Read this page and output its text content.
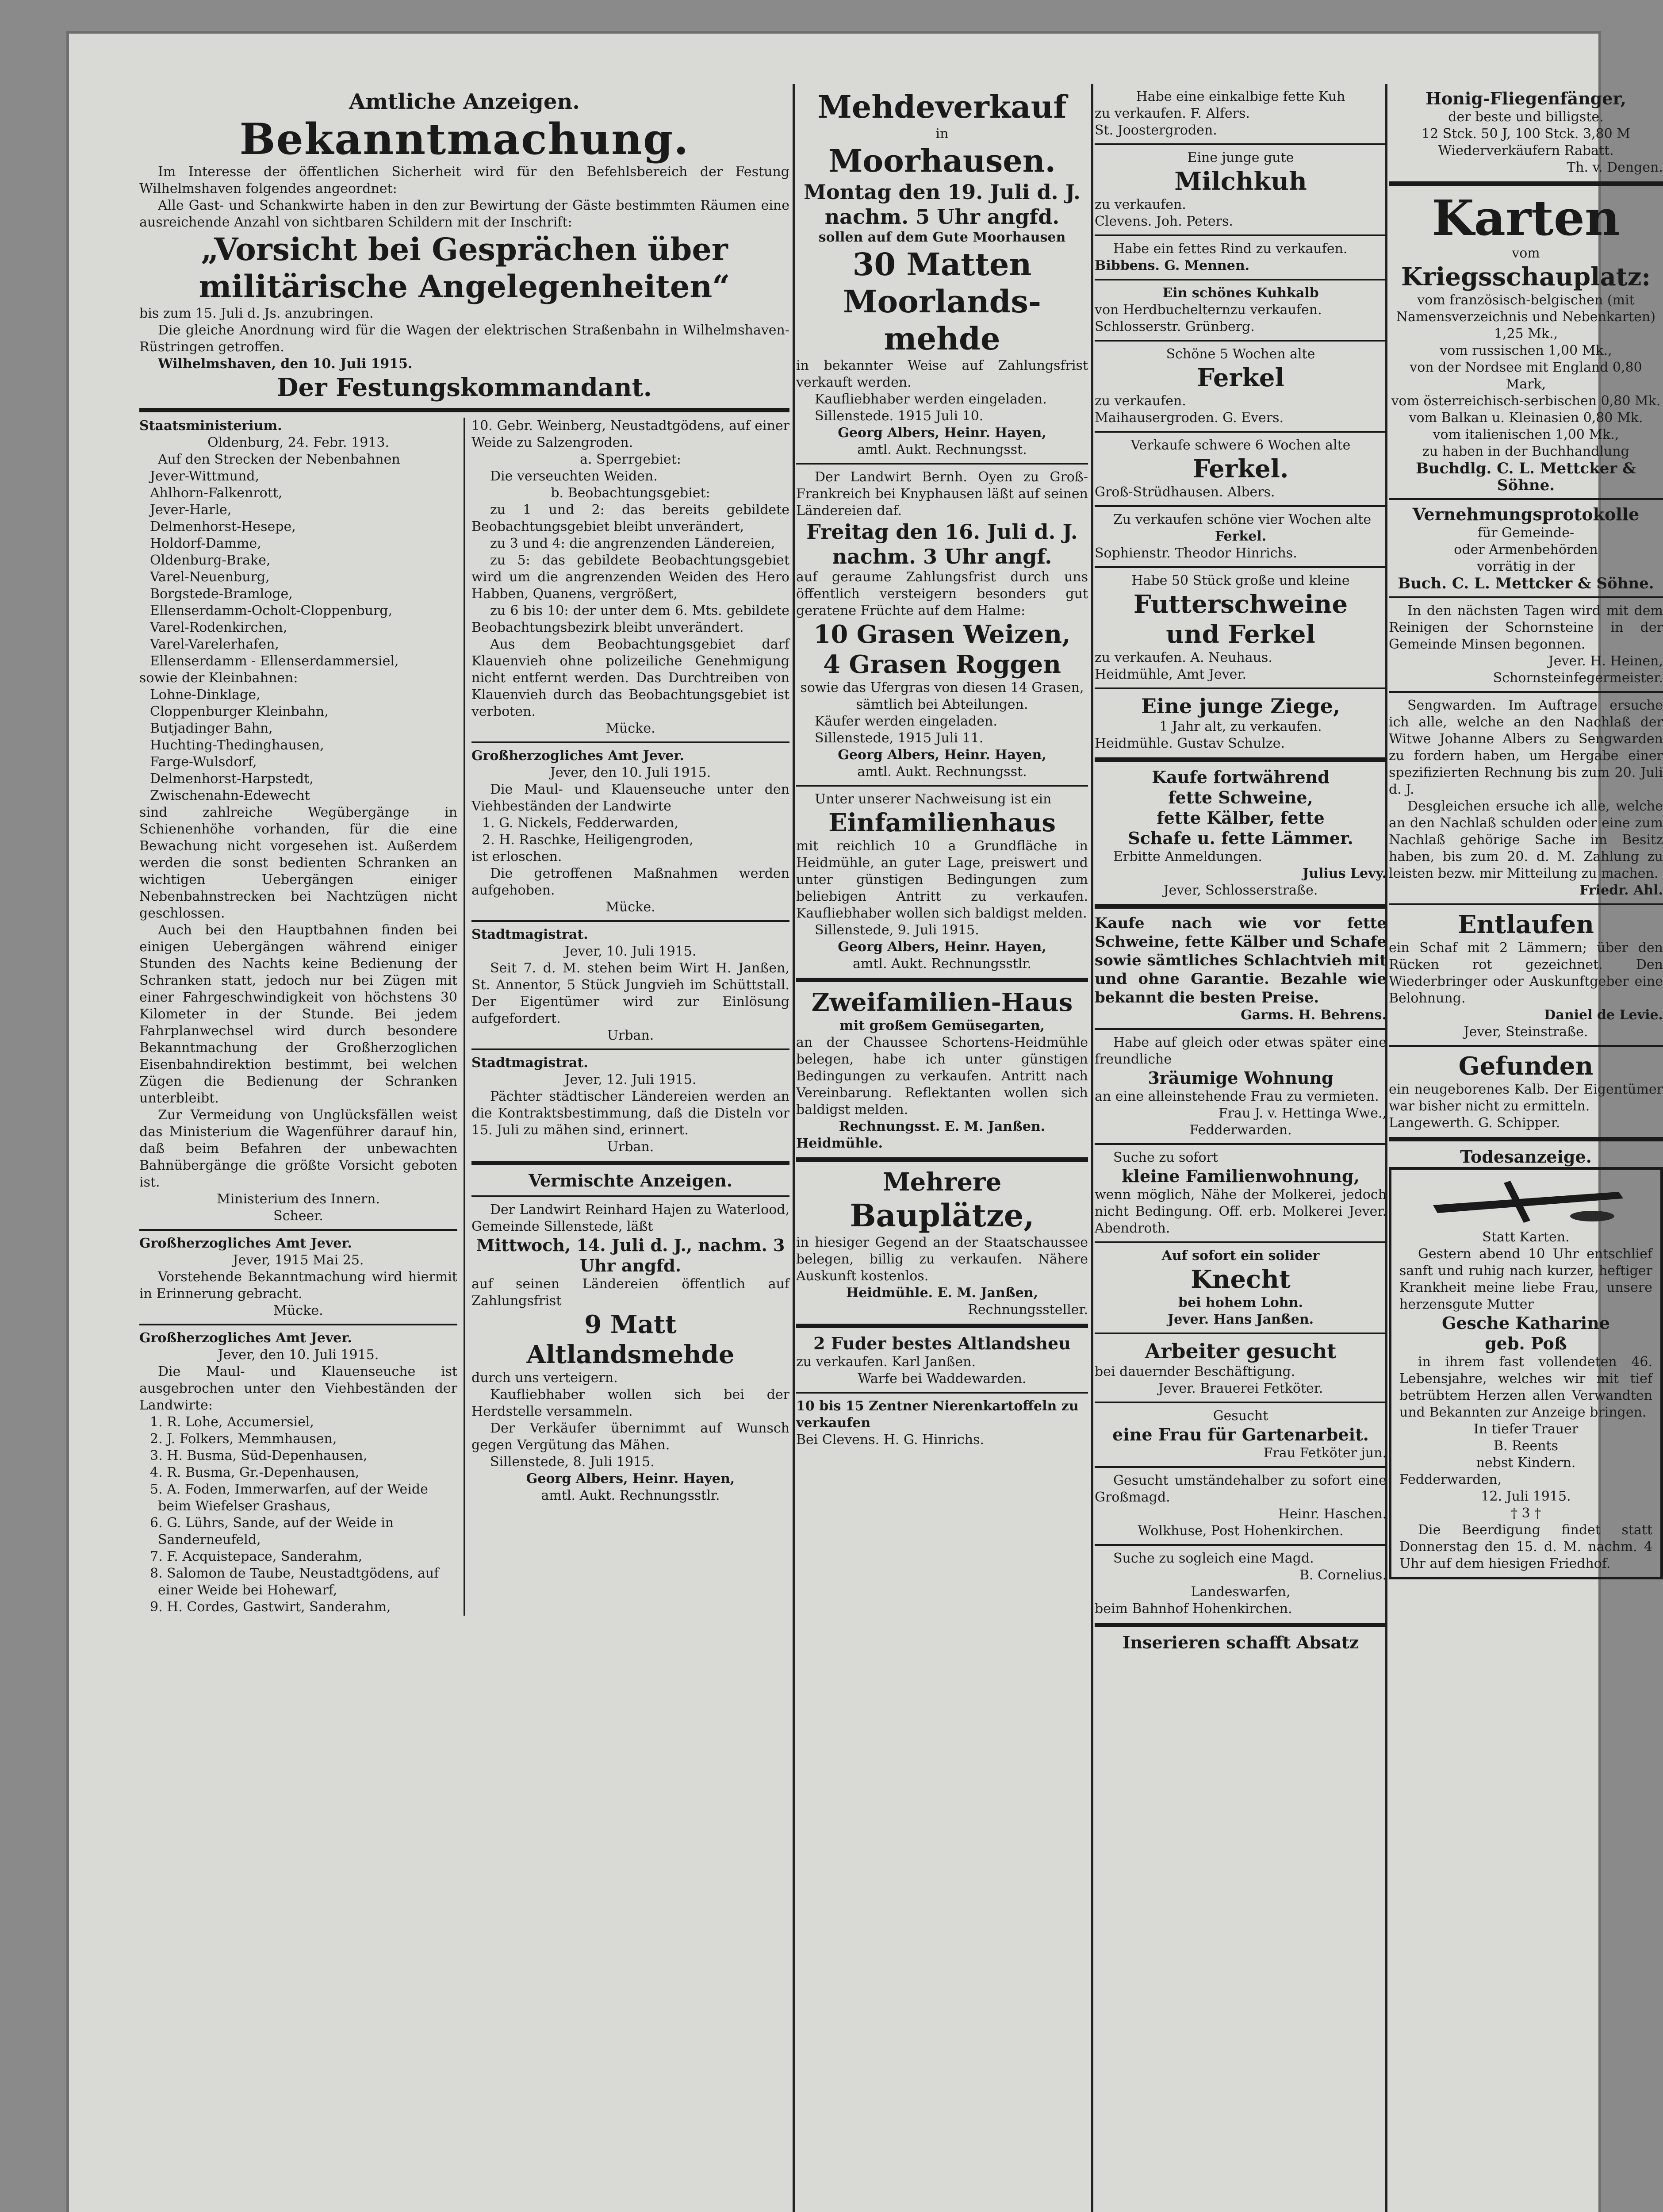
Amtliche Anzeigen.

Bekanntmachung.

Im Interesse der öffentlichen Sicherheit wird für den Befehlsbereich der Festung Wilhelmshaven folgendes angeordnet:

Alle Gast- und Schankwirte haben in den zur Bewirtung der Gäste bestimmten Räumen eine ausreichende Anzahl von sichtbaren Schildern mit der Inschrift:

„Vorsicht bei Gesprächen über militärische Angelegenheiten“

bis zum 15. Juli d. Js. anzubringen.

Die gleiche Anordnung wird für die Wagen der elektrischen Straßenbahn in Wilhelmshaven-Rüstringen getroffen.

Wilhelmshaven, den 10. Juli 1915.

Der Festungskommandant.

Staatsministerium.

Oldenburg, 24. Febr. 1913.

Auf den Strecken der Nebenbahnen

Jever-Wittmund,

Ahlhorn-Falkenrott,

Jever-Harle,

Delmenhorst-Hesepe,

Holdorf-Damme,

Oldenburg-Brake,

Varel-Neuenburg,

Borgstede-Bramloge,

Ellenserdamm-Ocholt-Cloppenburg,

Varel-Rodenkirchen,

Varel-Varelerhafen,

Ellenserdamm - Ellenserdammersiel,

sowie der Kleinbahnen:

Lohne-Dinklage,

Cloppenburger Kleinbahn,

Butjadinger Bahn,

Huchting-Thedinghausen,

Farge-Wulsdorf,

Delmenhorst-Harpstedt,

Zwischenahn-Edewecht

sind zahlreiche Wegübergänge in Schienenhöhe vorhanden, für die eine Bewachung nicht vorgesehen ist. Außerdem werden die sonst bedienten Schranken an wichtigen Uebergängen einiger Nebenbahnstrecken bei Nachtzügen nicht geschlossen.

Auch bei den Hauptbahnen finden bei einigen Uebergängen während einiger Stunden des Nachts keine Bedienung der Schranken statt, jedoch nur bei Zügen mit einer Fahrgeschwindigkeit von höchstens 30 Kilometer in der Stunde. Bei jedem Fahrplanwechsel wird durch besondere Bekanntmachung der Großherzoglichen Eisenbahndirektion bestimmt, bei welchen Zügen die Bedienung der Schranken unterbleibt.

Zur Vermeidung von Unglücksfällen weist das Ministerium die Wagenführer darauf hin, daß beim Befahren der unbewachten Bahnübergänge die größte Vorsicht geboten ist.

Ministerium des Innern.

Scheer.

Großherzogliches Amt Jever.

Jever, 1915 Mai 25.

Vorstehende Bekanntmachung wird hiermit in Erinnerung gebracht.

Mücke.

Großherzogliches Amt Jever.

Jever, den 10. Juli 1915.

Die Maul- und Klauenseuche ist ausgebrochen unter den Viehbeständen der Landwirte:

1. R. Lohe, Accumersiel,

2. J. Folkers, Memmhausen,

3. H. Busma, Süd-Depenhausen,

4. R. Busma, Gr.-Depenhausen,

5. A. Foden, Immerwarfen, auf der Weide beim Wiefelser Grashaus,

6. G. Lührs, Sande, auf der Weide in Sanderneufeld,

7. F. Acquistepace, Sanderahm,

8. Salomon de Taube, Neustadtgödens, auf einer Weide bei Hohewarf,

9. H. Cordes, Gastwirt, Sanderahm,

10. Gebr. Weinberg, Neustadtgödens, auf einer Weide zu Salzengroden.

a. Sperrgebiet:

Die verseuchten Weiden.

b. Beobachtungsgebiet:

zu 1 und 2: das bereits gebildete Beobachtungsgebiet bleibt unverändert,

zu 3 und 4: die angrenzenden Ländereien,

zu 5: das gebildete Beobachtungsgebiet wird um die angrenzenden Weiden des Hero Habben, Quanens, vergrößert,

zu 6 bis 10: der unter dem 6. Mts. gebildete Beobachtungsbezirk bleibt unverändert.

Aus dem Beobachtungsgebiet darf Klauenvieh ohne polizeiliche Genehmigung nicht entfernt werden. Das Durchtreiben von Klauenvieh durch das Beobachtungsgebiet ist verboten.

Mücke.

Großherzogliches Amt Jever.

Jever, den 10. Juli 1915.

Die Maul- und Klauenseuche unter den Viehbeständen der Landwirte

1. G. Nickels, Fedderwarden,

2. H. Raschke, Heiligengroden,

ist erloschen.

Die getroffenen Maßnahmen werden aufgehoben.

Mücke.

Stadtmagistrat.

Jever, 10. Juli 1915.

Seit 7. d. M. stehen beim Wirt H. Janßen, St. Annentor, 5 Stück Jungvieh im Schüttstall. Der Eigentümer wird zur Einlösung aufgefordert.

Urban.

Stadtmagistrat.

Jever, 12. Juli 1915.

Pächter städtischer Ländereien werden an die Kontraktsbestimmung, daß die Disteln vor 15. Juli zu mähen sind, erinnert.

Urban.

Vermischte Anzeigen.

Der Landwirt Reinhard Hajen zu Waterlood, Gemeinde Sillenstede, läßt

Mittwoch, 14. Juli d. J., nachm. 3 Uhr angfd.

auf seinen Ländereien öffentlich auf Zahlungsfrist

9 Matt

Altlandsmehde

durch uns verteigern.

Kaufliebhaber wollen sich bei der Herdstelle versammeln.

Der Verkäufer übernimmt auf Wunsch gegen Vergütung das Mähen.

Sillenstede, 8. Juli 1915.

Georg Albers, Heinr. Hayen,

amtl. Aukt. Rechnungsstlr.

Mehdeverkauf

in

Moorhausen.

Montag den 19. Juli d. J. nachm. 5 Uhr angfd.

sollen auf dem Gute Moorhausen

30 Matten

Moorlands-

mehde

in bekannter Weise auf Zahlungsfrist verkauft werden.

Kaufliebhaber werden eingeladen.

Sillenstede. 1915 Juli 10.

Georg Albers, Heinr. Hayen,

amtl. Aukt. Rechnungsst.

Der Landwirt Bernh. Oyen zu Groß-Frankreich bei Knyphausen läßt auf seinen Ländereien daf.

Freitag den 16. Juli d. J. nachm. 3 Uhr angf.

auf geraume Zahlungsfrist durch uns öffentlich versteigern besonders gut geratene Früchte auf dem Halme:

10 Grasen Weizen,

4 Grasen Roggen

sowie das Ufergras von diesen 14 Grasen, sämtlich bei Abteilungen.

Käufer werden eingeladen.

Sillenstede, 1915 Juli 11.

Georg Albers, Heinr. Hayen,

amtl. Aukt. Rechnungsst.

Unter unserer Nachweisung ist ein

Einfamilienhaus

mit reichlich 10 a Grundfläche in Heidmühle, an guter Lage, preiswert und unter günstigen Bedingungen zum beliebigen Antritt zu verkaufen. Kaufliebhaber wollen sich baldigst melden.

Sillenstede, 9. Juli 1915.

Georg Albers, Heinr. Hayen,

amtl. Aukt. Rechnungsstlr.

Zweifamilien-Haus

mit großem Gemüsegarten,

an der Chaussee Schortens-Heidmühle belegen, habe ich unter günstigen Bedingungen zu verkaufen. Antritt nach Vereinbarung. Reflektanten wollen sich baldigst melden.

Rechnungsst. E. M. Janßen.

Heidmühle.

Mehrere

Bauplätze,

in hiesiger Gegend an der Staatschaussee belegen, billig zu verkaufen. Nähere Auskunft kostenlos.

Heidmühle. E. M. Janßen,

Rechnungssteller.

2 Fuder bestes Altlandsheu

zu verkaufen. Karl Janßen.

Warfe bei Waddewarden.

10 bis 15 Zentner Nierenkartoffeln zu verkaufen

Bei Clevens. H. G. Hinrichs.

Habe eine einkalbige fette Kuh

zu verkaufen. F. Alfers.

St. Joostergroden.

Eine junge gute

Milchkuh

zu verkaufen.

Clevens. Joh. Peters.

Habe ein fettes Rind zu verkaufen.

Bibbens. G. Mennen.

Ein schönes Kuhkalb

von Herdbuchelternzu verkaufen.

Schlosserstr. Grünberg.

Schöne 5 Wochen alte

Ferkel

zu verkaufen.

Maihausergroden. G. Evers.

Verkaufe schwere 6 Wochen alte

Ferkel.

Groß-Strüdhausen. Albers.

Zu verkaufen schöne vier Wochen alte

Ferkel.

Sophienstr. Theodor Hinrichs.

Habe 50 Stück große und kleine

Futterschweine

und Ferkel

zu verkaufen. A. Neuhaus.

Heidmühle, Amt Jever.

Eine junge Ziege,

1 Jahr alt, zu verkaufen.

Heidmühle. Gustav Schulze.

Kaufe fortwährend

fette Schweine,

fette Kälber, fette

Schafe u. fette Lämmer.

Erbitte Anmeldungen.

Julius Levy.

Jever, Schlosserstraße.

Kaufe nach wie vor fette Schweine, fette Kälber und Schafe sowie sämtliches Schlachtvieh mit und ohne Garantie. Bezahle wie bekannt die besten Preise.

Garms. H. Behrens.

Habe auf gleich oder etwas später eine freundliche

3räumige Wohnung

an eine alleinstehende Frau zu vermieten.

Frau J. v. Hettinga Wwe.,

Fedderwarden.

Suche zu sofort

kleine Familienwohnung,

wenn möglich, Nähe der Molkerei, jedoch nicht Bedingung. Off. erb. Molkerei Jever. Abendroth.

Auf sofort ein solider

Knecht

bei hohem Lohn.

Jever. Hans Janßen.

Arbeiter gesucht

bei dauernder Beschäftigung.

Jever. Brauerei Fetköter.

Gesucht

eine Frau für Gartenarbeit.

Frau Fetköter jun.

Gesucht umständehalber zu sofort eine Großmagd.

Heinr. Haschen.

Wolkhuse, Post Hohenkirchen.

Suche zu sogleich eine Magd.

B. Cornelius.

Landeswarfen,

beim Bahnhof Hohenkirchen.

Inserieren schafft Absatz

Honig-Fliegenfänger,

der beste und billigste.

12 Stck. 50 J, 100 Stck. 3,80 M

Wiederverkäufern Rabatt.

Th. v. Dengen.

Karten

vom

Kriegsschauplatz:

vom französisch-belgischen (mit Namensverzeichnis und Nebenkarten) 1,25 Mk.,

vom russischen 1,00 Mk.,

von der Nordsee mit England 0,80 Mark,

vom österreichisch-serbischen 0,80 Mk.

vom Balkan u. Kleinasien 0,80 Mk.

vom italienischen 1,00 Mk.,

zu haben in der Buchhandlung

Buchdlg. C. L. Mettcker & Söhne.

Vernehmungsprotokolle

für Gemeinde-

oder Armenbehörden

vorrätig in der

Buch. C. L. Mettcker & Söhne.

In den nächsten Tagen wird mit dem Reinigen der Schornsteine in der Gemeinde Minsen begonnen.

Jever. H. Heinen,

Schornsteinfegermeister.

Sengwarden. Im Auftrage ersuche ich alle, welche an den Nachlaß der Witwe Johanne Albers zu Sengwarden zu fordern haben, um Hergabe einer spezifizierten Rechnung bis zum 20. Juli d. J.

Desgleichen ersuche ich alle, welche an den Nachlaß schulden oder eine zum Nachlaß gehörige Sache im Besitz haben, bis zum 20. d. M. Zahlung zu leisten bezw. mir Mitteilung zu machen.

Friedr. Ahl.

Entlaufen

ein Schaf mit 2 Lämmern; über den Rücken rot gezeichnet. Den Wiederbringer oder Auskunftgeber eine Belohnung.

Daniel de Levie.

Jever, Steinstraße.

Gefunden

ein neugeborenes Kalb. Der Eigentümer war bisher nicht zu ermitteln.

Langewerth. G. Schipper.

Todesanzeige.

Statt Karten.

Gestern abend 10 Uhr entschlief sanft und ruhig nach kurzer, heftiger Krankheit meine liebe Frau, unsere herzensgute Mutter

Gesche Katharine

geb. Poß

in ihrem fast vollendeten 46. Lebensjahre, welches wir mit tief betrübtem Herzen allen Verwandten und Bekannten zur Anzeige bringen.

In tiefer Trauer

B. Reents

nebst Kindern.

Fedderwarden,

12. Juli 1915.

† 3 †

Die Beerdigung findet statt Donnerstag den 15. d. M. nachm. 4 Uhr auf dem hiesigen Friedhof.
